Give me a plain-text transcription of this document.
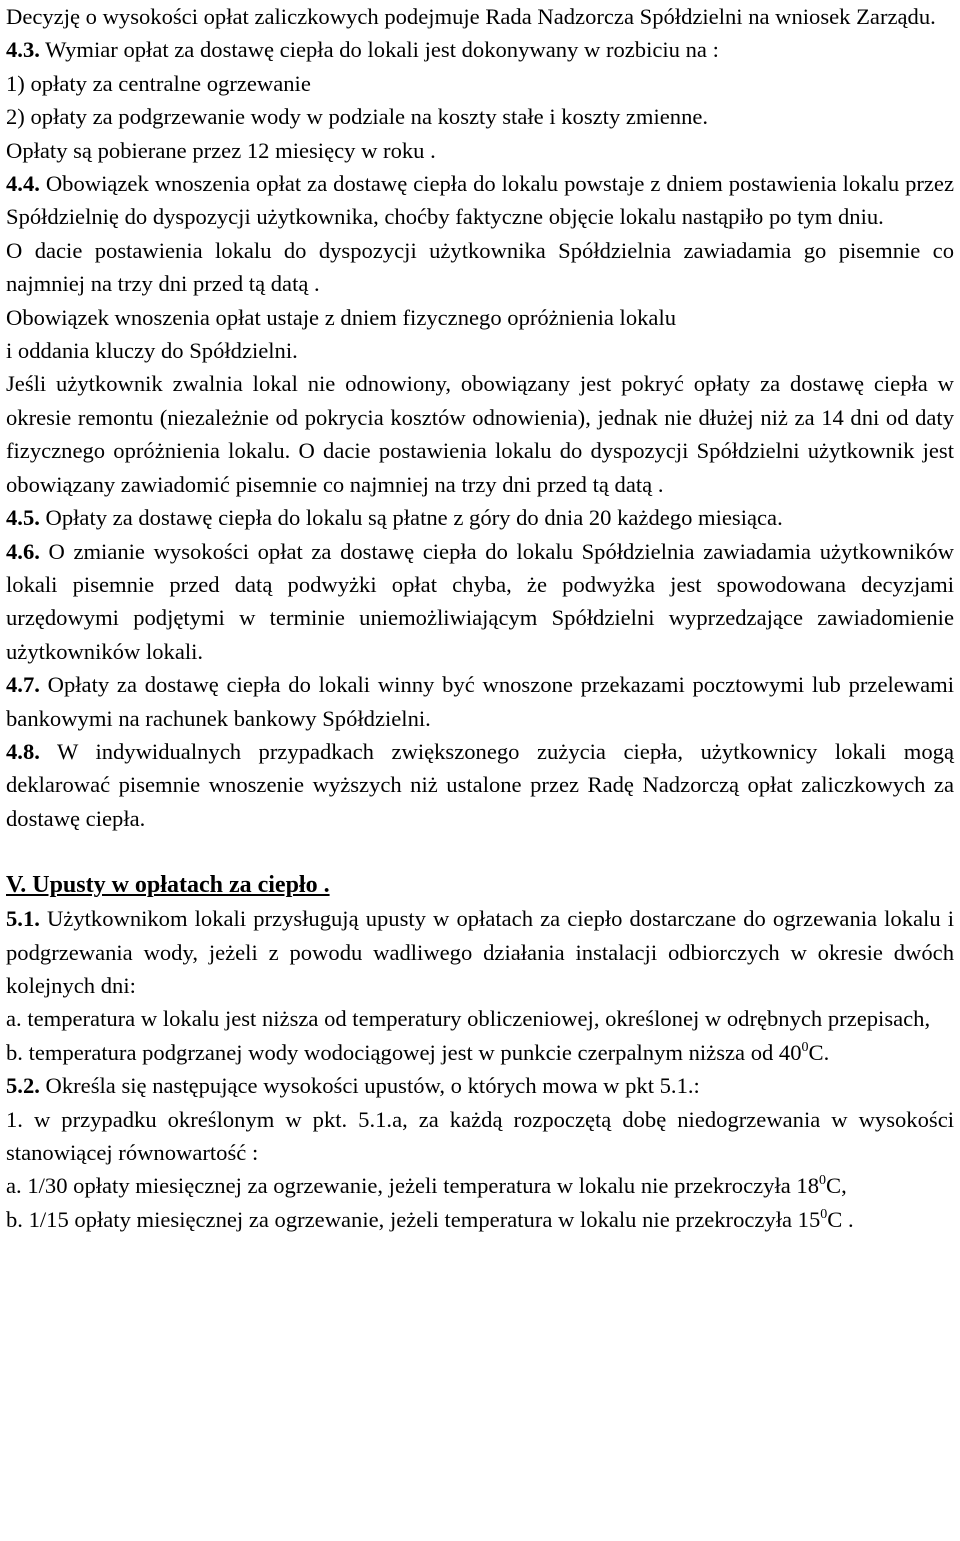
Decyzję o wysokości opłat zaliczkowych podejmuje Rada Nadzorcza Spółdzielni na wniosek Zarządu.

4.3. Wymiar opłat za dostawę ciepła do lokali jest dokonywany w rozbiciu na :

1) opłaty za centralne ogrzewanie

2) opłaty za podgrzewanie wody w podziale na koszty stałe i koszty zmienne.

Opłaty są pobierane przez 12 miesięcy w roku .

4.4. Obowiązek wnoszenia opłat za dostawę ciepła do lokalu powstaje z dniem postawienia lokalu przez Spółdzielnię do dyspozycji użytkownika, choćby faktyczne objęcie lokalu nastąpiło po tym dniu.

O dacie postawienia lokalu do dyspozycji użytkownika Spółdzielnia zawiadamia go pisemnie co najmniej na trzy dni przed tą datą .

Obowiązek wnoszenia opłat ustaje z dniem fizycznego opróżnienia lokalu
i oddania kluczy do Spółdzielni.

Jeśli użytkownik zwalnia lokal nie odnowiony, obowiązany jest pokryć opłaty za dostawę ciepła w okresie remontu (niezależnie od pokrycia kosztów odnowienia), jednak nie dłużej niż za 14 dni od daty fizycznego opróżnienia lokalu. O dacie postawienia lokalu do dyspozycji Spółdzielni użytkownik jest obowiązany zawiadomić pisemnie co najmniej na trzy dni przed tą datą .

4.5. Opłaty za dostawę ciepła do lokalu są płatne z góry do dnia 20 każdego miesiąca.

4.6. O zmianie wysokości opłat za dostawę ciepła do lokalu Spółdzielnia zawiadamia użytkowników lokali pisemnie przed datą podwyżki opłat chyba, że podwyżka jest spowodowana decyzjami urzędowymi podjętymi w terminie uniemożliwiającym Spółdzielni wyprzedzające zawiadomienie użytkowników lokali.

4.7. Opłaty za dostawę ciepła do lokali winny być wnoszone przekazami pocztowymi lub przelewami bankowymi na rachunek bankowy Spółdzielni.

4.8. W indywidualnych przypadkach zwiększonego zużycia ciepła, użytkownicy lokali mogą deklarować pisemnie wnoszenie wyższych niż ustalone przez Radę Nadzorczą opłat zaliczkowych za dostawę ciepła.

V. Upusty w opłatach za ciepło .

5.1. Użytkownikom lokali przysługują upusty w opłatach za ciepło dostarczane do ogrzewania lokalu i podgrzewania wody, jeżeli z powodu wadliwego działania instalacji odbiorczych w okresie dwóch kolejnych dni:

a. temperatura w lokalu jest niższa od temperatury obliczeniowej, określonej w odrębnych przepisach,

b. temperatura podgrzanej wody wodociągowej jest w punkcie czerpalnym niższa od $40^0C$.

5.2. Określa się następujące wysokości upustów, o których mowa w pkt 5.1.:

1. w przypadku określonym w pkt. 5.1.a, za każdą rozpoczętą dobę niedogrzewania w wysokości stanowiącej równowartość :

a. 1/30 opłaty miesięcznej za ogrzewanie, jeżeli temperatura w lokalu nie przekroczyła $18^0C$,

b. 1/15 opłaty miesięcznej za ogrzewanie, jeżeli temperatura w lokalu nie przekroczyła $15^0C$ .
